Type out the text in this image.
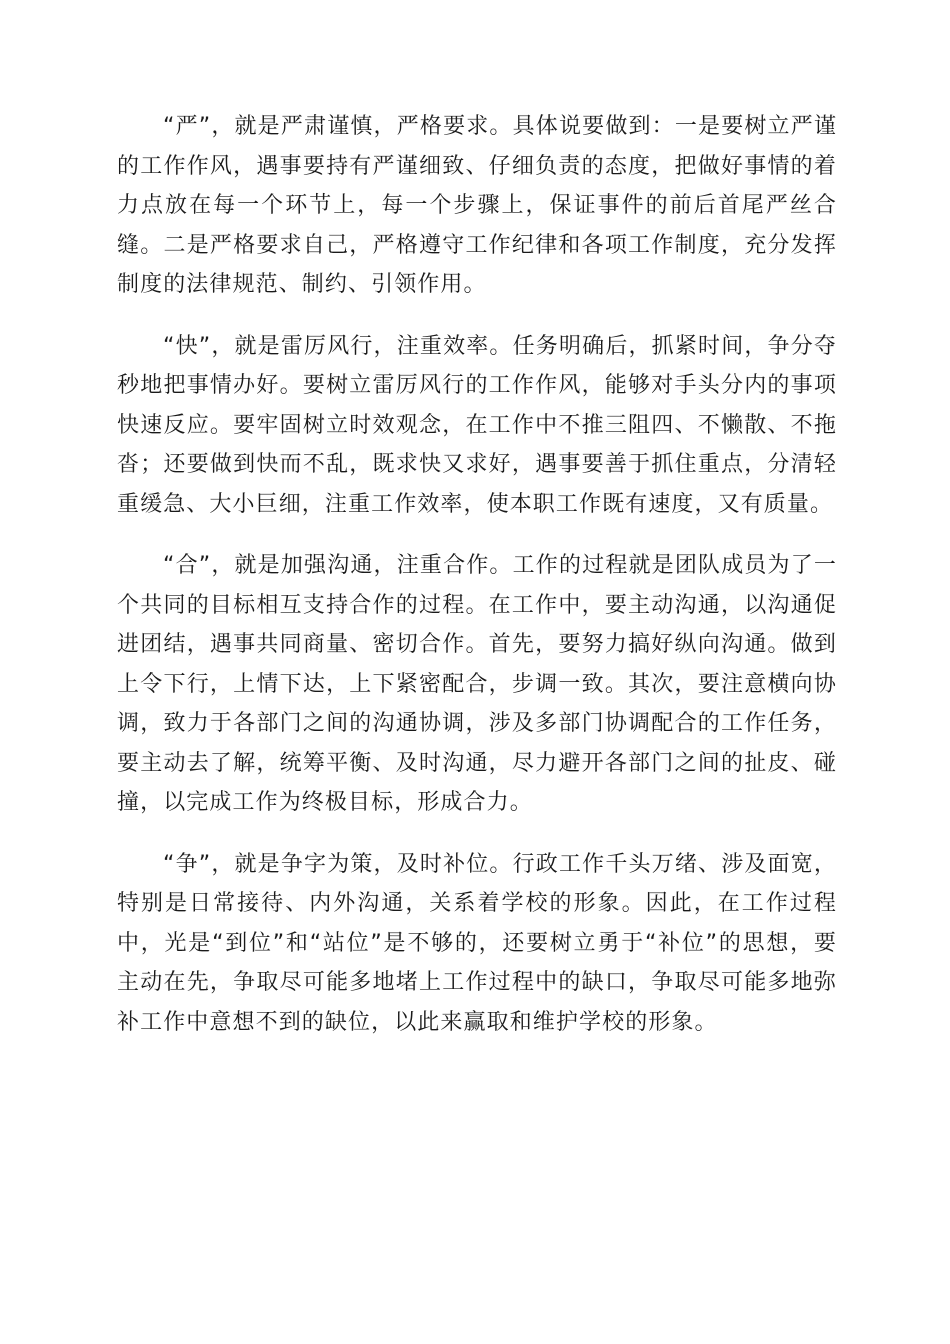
“严”，就是严肃谨慎，严格要求。具体说要做到：一是要树立严谨的工作作风，遇事要持有严谨细致、仔细负责的态度，把做好事情的着力点放在每一个环节上，每一个步骤上，保证事件的前后首尾严丝合缝。二是严格要求自己，严格遵守工作纪律和各项工作制度，充分发挥制度的法律规范、制约、引领作用。

“快”，就是雷厉风行，注重效率。任务明确后，抓紧时间，争分夺秒地把事情办好。要树立雷厉风行的工作作风，能够对手头分内的事项快速反应。要牢固树立时效观念，在工作中不推三阻四、不懒散、不拖沓；还要做到快而不乱，既求快又求好，遇事要善于抓住重点，分清轻重缓急、大小巨细，注重工作效率，使本职工作既有速度，又有质量。

“合”，就是加强沟通，注重合作。工作的过程就是团队成员为了一个共同的目标相互支持合作的过程。在工作中，要主动沟通，以沟通促进团结，遇事共同商量、密切合作。首先，要努力搞好纵向沟通。做到上令下行，上情下达，上下紧密配合，步调一致。其次，要注意横向协调，致力于各部门之间的沟通协调，涉及多部门协调配合的工作任务，要主动去了解，统筹平衡、及时沟通，尽力避开各部门之间的扯皮、碰撞，以完成工作为终极目标，形成合力。

“争”，就是争字为策，及时补位。行政工作千头万绪、涉及面宽，特别是日常接待、内外沟通，关系着学校的形象。因此，在工作过程中，光是“到位”和“站位”是不够的，还要树立勇于“补位”的思想，要主动在先，争取尽可能多地堵上工作过程中的缺口，争取尽可能多地弥补工作中意想不到的缺位，以此来赢取和维护学校的形象。
